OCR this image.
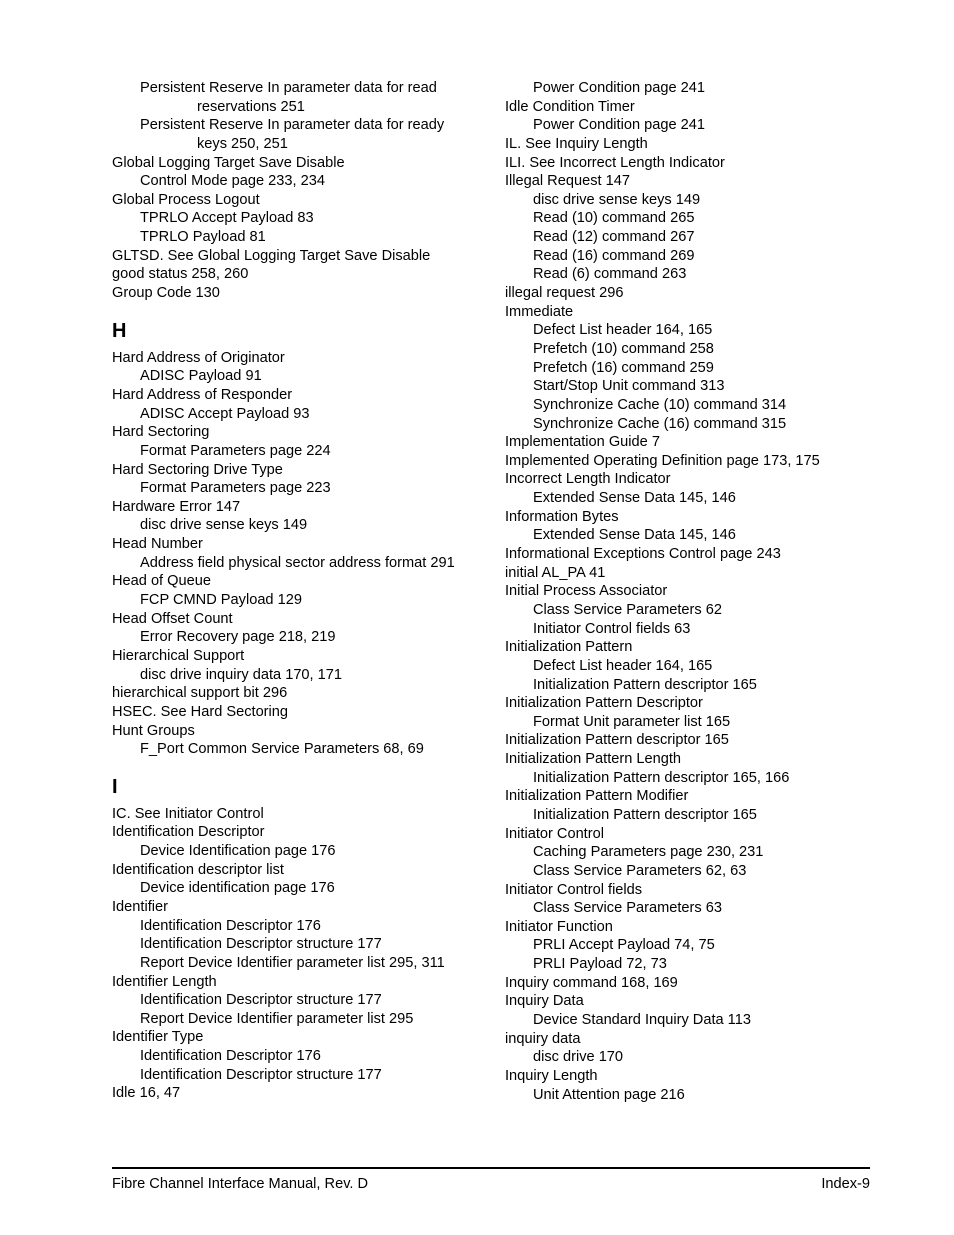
Persistent Reserve In parameter data for read
reservations 251
Persistent Reserve In parameter data for ready
keys 250, 251
Global Logging Target Save Disable
Control Mode page 233, 234
Global Process Logout
TPRLO Accept Payload 83
TPRLO Payload 81
GLTSD. See Global Logging Target Save Disable
good status 258, 260
Group Code 130
H
Hard Address of Originator
ADISC Payload 91
Hard Address of Responder
ADISC Accept Payload 93
Hard Sectoring
Format Parameters page 224
Hard Sectoring Drive Type
Format Parameters page 223
Hardware Error 147
disc drive sense keys 149
Head Number
Address field physical sector address format 291
Head of Queue
FCP CMND Payload 129
Head Offset Count
Error Recovery page 218, 219
Hierarchical Support
disc drive inquiry data 170, 171
hierarchical support bit 296
HSEC. See Hard Sectoring
Hunt Groups
F_Port Common Service Parameters 68, 69
I
IC. See Initiator Control
Identification Descriptor
Device Identification page 176
Identification descriptor list
Device identification page 176
Identifier
Identification Descriptor 176
Identification Descriptor structure 177
Report Device Identifier parameter list 295, 311
Identifier Length
Identification Descriptor structure 177
Report Device Identifier parameter list 295
Identifier Type
Identification Descriptor 176
Identification Descriptor structure 177
Idle 16, 47
Power Condition page 241
Idle Condition Timer
Power Condition page 241
IL. See Inquiry Length
ILI. See Incorrect Length Indicator
Illegal Request 147
disc drive sense keys 149
Read (10) command 265
Read (12) command 267
Read (16) command 269
Read (6) command 263
illegal request 296
Immediate
Defect List header 164, 165
Prefetch (10) command 258
Prefetch (16) command 259
Start/Stop Unit command 313
Synchronize Cache (10) command 314
Synchronize Cache (16) command 315
Implementation Guide 7
Implemented Operating Definition page 173, 175
Incorrect Length Indicator
Extended Sense Data 145, 146
Information Bytes
Extended Sense Data 145, 146
Informational Exceptions Control page 243
initial AL_PA 41
Initial Process Associator
Class Service Parameters 62
Initiator Control fields 63
Initialization Pattern
Defect List header 164, 165
Initialization Pattern descriptor 165
Initialization Pattern Descriptor
Format Unit parameter list 165
Initialization Pattern descriptor 165
Initialization Pattern Length
Initialization Pattern descriptor 165, 166
Initialization Pattern Modifier
Initialization Pattern descriptor 165
Initiator Control
Caching Parameters page 230, 231
Class Service Parameters 62, 63
Initiator Control fields
Class Service Parameters 63
Initiator Function
PRLI Accept Payload 74, 75
PRLI Payload 72, 73
Inquiry command 168, 169
Inquiry Data
Device Standard Inquiry Data 113
inquiry data
disc drive 170
Inquiry Length
Unit Attention page 216
Fibre Channel Interface Manual, Rev. D	Index-9
